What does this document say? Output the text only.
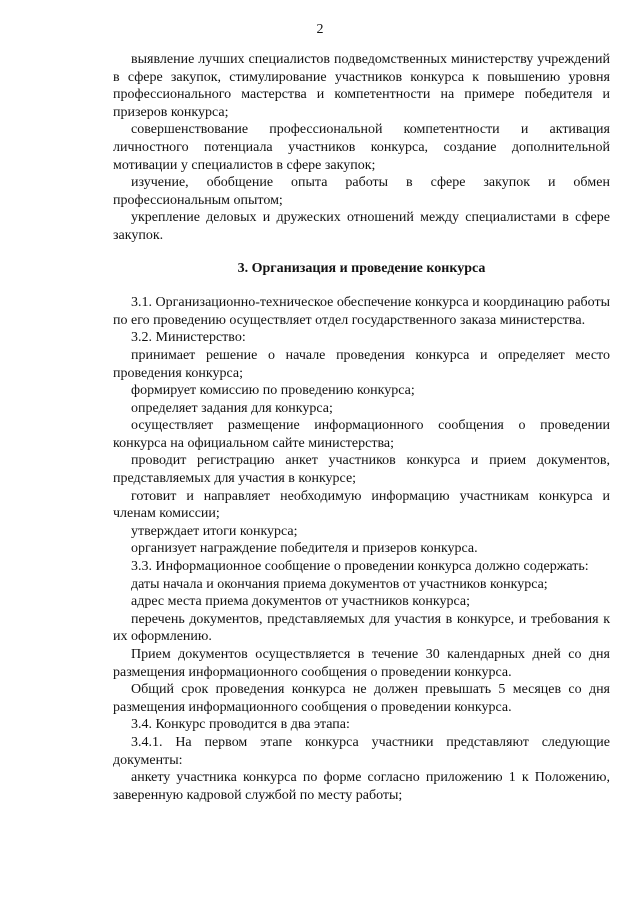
2

выявление лучших специалистов подведомственных министерству учреждений в сфере закупок, стимулирование участников конкурса к повышению уровня профессионального мастерства и компетентности на примере победителя и призеров конкурса;

совершенствование профессиональной компетентности и активация личностного потенциала участников конкурса, создание дополнительной мотивации у специалистов в сфере закупок;

изучение, обобщение опыта работы в сфере закупок и обмен профессиональным опытом;

укрепление деловых и дружеских отношений между специалистами в сфере закупок.

3. Организация и проведение конкурса

3.1. Организационно-техническое обеспечение конкурса и координацию работы по его проведению осуществляет отдел государственного заказа министерства.

3.2. Министерство:

принимает решение о начале проведения конкурса и определяет место проведения конкурса;

формирует комиссию по проведению конкурса;

определяет задания для конкурса;

осуществляет размещение информационного сообщения о проведении конкурса на официальном сайте министерства;

проводит регистрацию анкет участников конкурса и прием документов, представляемых для участия в конкурсе;

готовит и направляет необходимую информацию участникам конкурса и членам комиссии;

утверждает итоги конкурса;

организует награждение победителя и призеров конкурса.

3.3. Информационное сообщение о проведении конкурса должно содержать:

даты начала и окончания приема документов от участников конкурса;

адрес места приема документов от участников конкурса;

перечень документов, представляемых для участия в конкурсе, и требования к их оформлению.

Прием документов осуществляется в течение 30 календарных дней со дня размещения информационного сообщения о проведении конкурса.

Общий срок проведения конкурса не должен превышать 5 месяцев со дня размещения информационного сообщения о проведении конкурса.

3.4. Конкурс проводится в два этапа:

3.4.1. На первом этапе конкурса участники представляют следующие документы:

анкету участника конкурса по форме согласно приложению 1 к Положению, заверенную кадровой службой по месту работы;
